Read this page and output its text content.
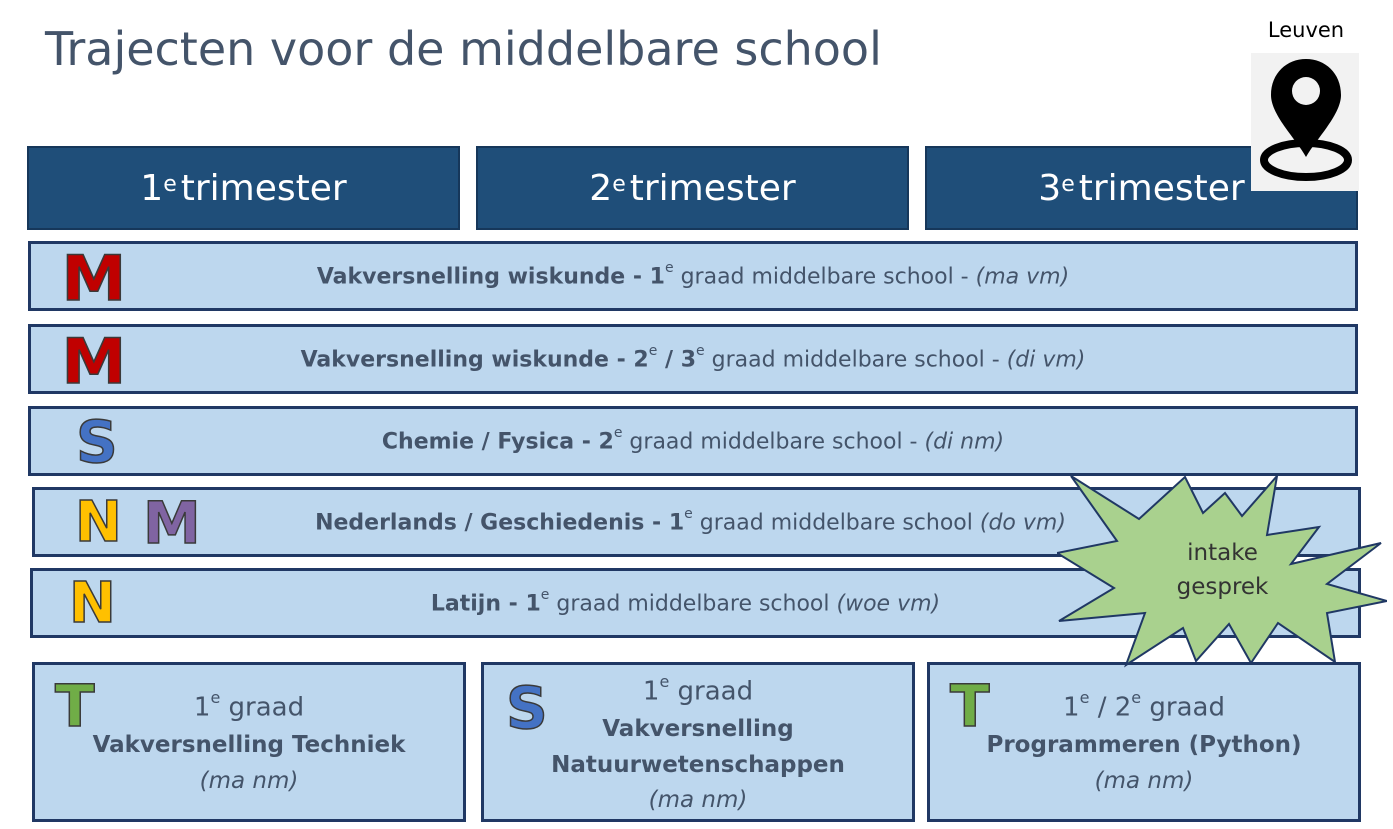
Trajecten voor de middelbare school	Leuven
1e trimester	2e trimester	3e trimester
M	Vakversnelling wiskunde - 1e graad middelbare school - (ma vm)
M	Vakversnelling wiskunde - 2e / 3e graad middelbare school - (di vm)
S	Chemie / Fysica - 2e graad middelbare school - (di nm)
N M	Nederlands / Geschiedenis - 1e graad middelbare school (do vm)
N	Latijn - 1e graad middelbare school (woe vm)
T	1e graad
Vakversnelling Techniek
(ma nm)
S	1e graad
Vakversnelling
Natuurwetenschappen
(ma nm)
T	1e / 2e graad
Programmeren (Python)
(ma nm)
intake
gesprek
